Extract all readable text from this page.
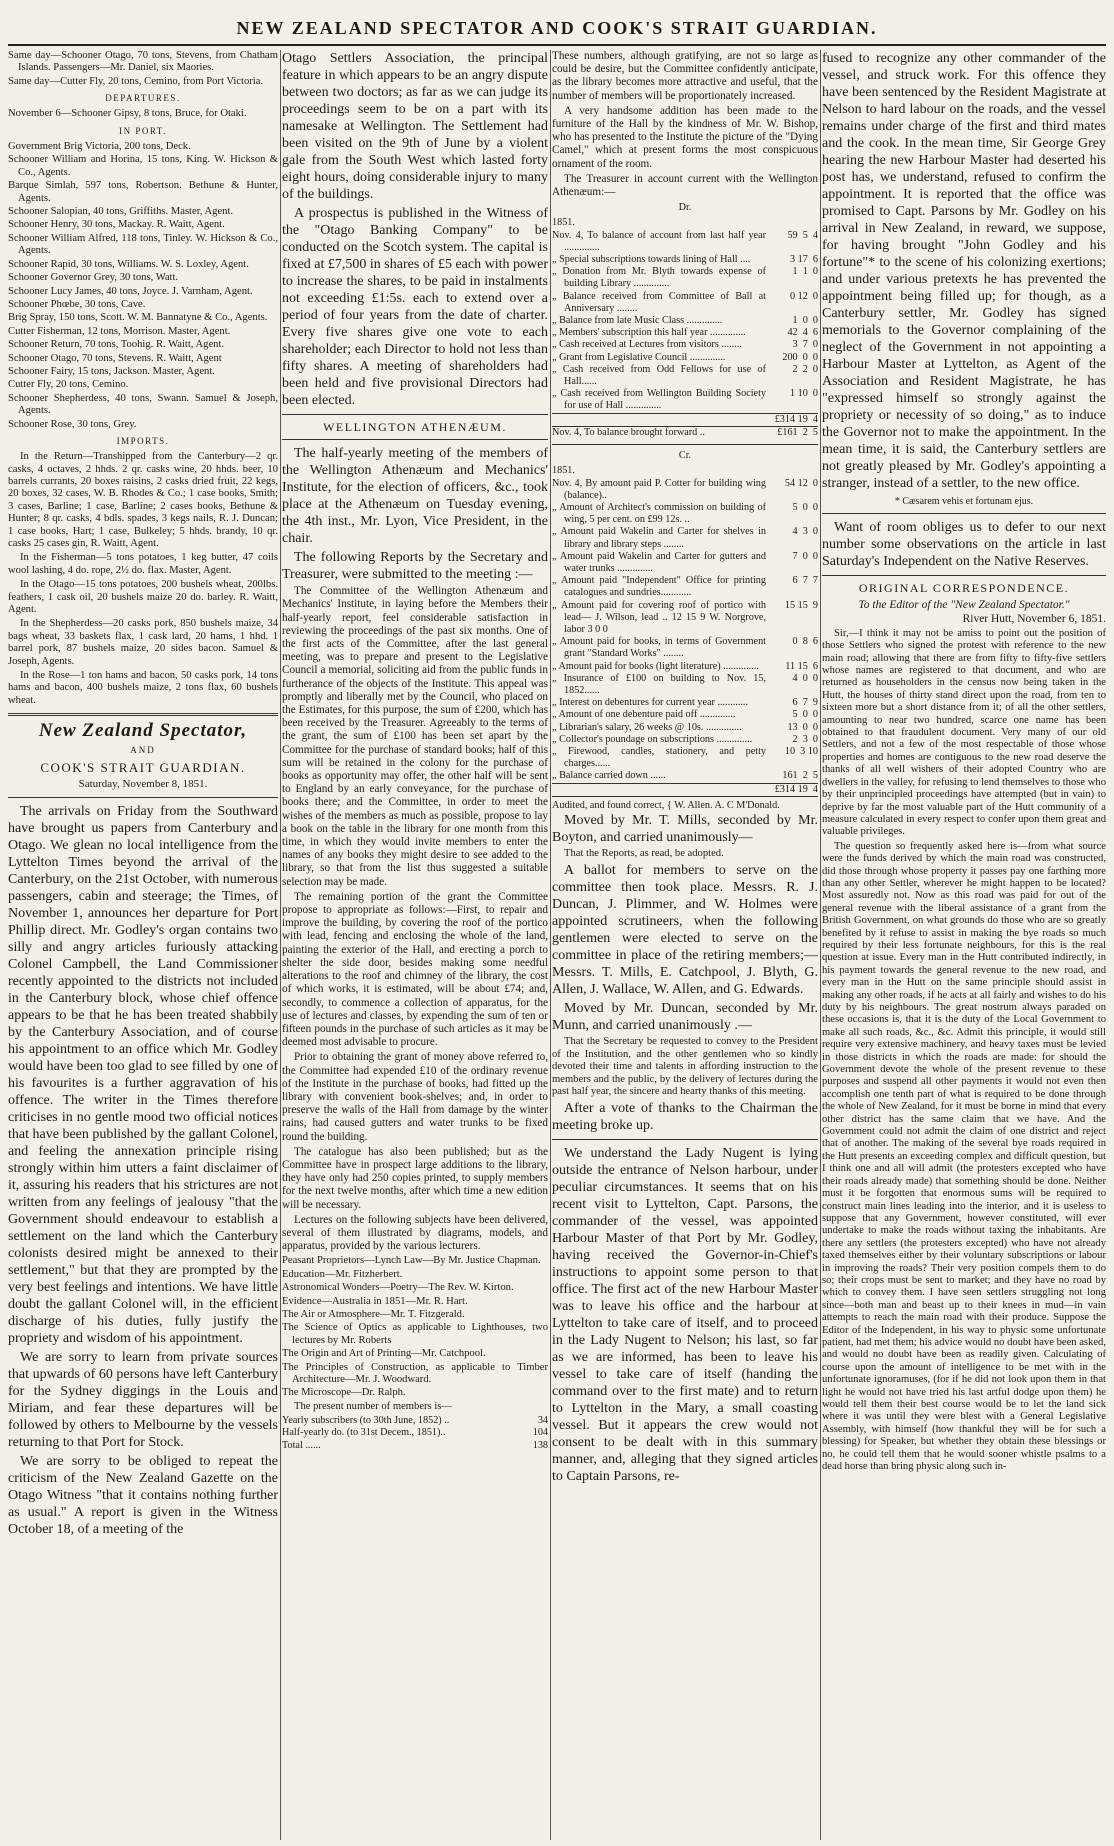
NEW ZEALAND SPECTATOR AND COOK'S STRAIT GUARDIAN.

Same day—Schooner Otago, 70 tons, Stevens, from Chatham Islands. Passengers—Mr. Daniel, six Maories.

Same day—Cutter Fly, 20 tons, Cemino, from Port Victoria.

DEPARTURES.

November 6—Schooner Gipsy, 8 tons, Bruce, for Otaki.

IN PORT.

Government Brig Victoria, 200 tons, Deck.

Schooner William and Horina, 15 tons, King. W. Hickson & Co., Agents.

Barque Simlah, 597 tons, Robertson. Bethune & Hunter, Agents.

Schooner Salopian, 40 tons, Griffiths. Master, Agent.

Schooner Henry, 30 tons, Mackay. R. Waitt, Agent.

Schooner William Alfred, 118 tons, Tinley. W. Hickson & Co., Agents.

Schooner Rapid, 30 tons, Williams. W. S. Loxley, Agent.

Schooner Governor Grey, 30 tons, Watt.

Schooner Lucy James, 40 tons, Joyce. J. Varnham, Agent.

Schooner Phœbe, 30 tons, Cave.

Brig Spray, 150 tons, Scott. W. M. Bannatyne & Co., Agents.

Cutter Fisherman, 12 tons, Morrison. Master, Agent.

Schooner Return, 70 tons, Toohig. R. Waitt, Agent.

Schooner Otago, 70 tons, Stevens. R. Waitt, Agent

Schooner Fairy, 15 tons, Jackson. Master, Agent.

Cutter Fly, 20 tons, Cemino.

Schooner Shepherdess, 40 tons, Swann. Samuel & Joseph, Agents.

Schooner Rose, 30 tons, Grey.

IMPORTS.

In the Return—Transhipped from the Canterbury—2 qr. casks, 4 octaves, 2 hhds. 2 qr. casks wine, 20 hhds. beer, 10 barrels currants, 20 boxes raisins, 2 casks dried fruit, 22 kegs, 20 boxes, 32 cases, W. B. Rhodes & Co.; 1 case books, Smith; 3 cases, Barline; 1 case, Barline; 2 cases books, Bethune & Hunter; 8 qr. casks, 4 bdls. spades, 3 kegs nails, R. J. Duncan; 1 case books, Hart; 1 case, Bulkeley; 5 hhds. brandy, 10 qr. casks 25 cases gin, R. Waitt, Agent.

In the Fisherman—5 tons potatoes, 1 keg butter, 47 coils wool lashing, 4 do. rope, 2½ do. flax. Master, Agent.

In the Otago—15 tons potatoes, 200 bushels wheat, 200lbs. feathers, 1 cask oil, 20 bushels maize 20 do. barley. R. Waitt, Agent.

In the Shepherdess—20 casks pork, 850 bushels maize, 34 bags wheat, 33 baskets flax, 1 cask lard, 20 hams, 1 hhd. 1 barrel pork, 87 bushels maize, 20 sides bacon. Samuel & Joseph, Agents.

In the Rose—1 ton hams and bacon, 50 casks pork, 14 tons hams and bacon, 400 bushels maize, 2 tons flax, 60 bushels wheat.

New Zealand Spectator,
AND
COOK'S STRAIT GUARDIAN.
Saturday, November 8, 1851.

The arrivals on Friday from the Southward have brought us papers from Canterbury and Otago. We glean no local intelligence from the Lyttelton Times beyond the arrival of the Canterbury, on the 21st October, with numerous passengers, cabin and steerage; the Times, of November 1, announces her departure for Port Phillip direct. Mr. Godley's organ contains two silly and angry articles furiously attacking Colonel Campbell, the Land Commissioner recently appointed to the districts not included in the Canterbury block, whose chief offence appears to be that he has been treated shabbily by the Canterbury Association, and of course his appointment to an office which Mr. Godley would have been too glad to see filled by one of his favourites is a further aggravation of his offence. The writer in the Times therefore criticises in no gentle mood two official notices that have been published by the gallant Colonel, and feeling the annexation principle rising strongly within him utters a faint disclaimer of it, assuring his readers that his strictures are not written from any feelings of jealousy "that the Government should endeavour to establish a settlement on the land which the Canterbury colonists desired might be annexed to their settlement," but that they are prompted by the very best feelings and intentions. We have little doubt the gallant Colonel will, in the efficient discharge of his duties, fully justify the propriety and wisdom of his appointment.

We are sorry to learn from private sources that upwards of 60 persons have left Canterbury for the Sydney diggings in the Louis and Miriam, and fear these departures will be followed by others to Melbourne by the vessels returning to that Port for Stock.

We are sorry to be obliged to repeat the criticism of the New Zealand Gazette on the Otago Witness "that it contains nothing further as usual." A report is given in the Witness October 18, of a meeting of the

Otago Settlers Association, the principal feature in which appears to be an angry dispute between two doctors; as far as we can judge its proceedings seem to be on a part with its namesake at Wellington. The Settlement had been visited on the 9th of June by a violent gale from the South West which lasted forty eight hours, doing considerable injury to many of the buildings.

A prospectus is published in the Witness of the "Otago Banking Company" to be conducted on the Scotch system. The capital is fixed at £7,500 in shares of £5 each with power to increase the shares, to be paid in instalments not exceeding £1:5s. each to extend over a period of four years from the date of charter. Every five shares give one vote to each shareholder; each Director to hold not less than fifty shares. A meeting of shareholders had been held and five provisional Directors had been elected.

WELLINGTON ATHENÆUM.

The half-yearly meeting of the members of the Wellington Athenæum and Mechanics' Institute, for the election of officers, &c., took place at the Athenæum on Tuesday evening, the 4th inst., Mr. Lyon, Vice President, in the chair.

The following Reports by the Secretary and Treasurer, were submitted to the meeting :—

The Committee of the Wellington Athenæum and Mechanics' Institute, in laying before the Members their half-yearly report, feel considerable satisfaction in reviewing the proceedings of the past six months. One of the first acts of the Committee, after the last general meeting, was to prepare and present to the Legislative Council a memorial, soliciting aid from the public funds in furtherance of the objects of the Institute. This appeal was promptly and liberally met by the Council, who placed on the Estimates, for this purpose, the sum of £200, which has been received by the Treasurer. Agreeably to the terms of the grant, the sum of £100 has been set apart by the Committee for the purchase of standard books; half of this sum will be retained in the colony for the purchase of books as opportunity may offer, the other half will be sent to England by an early conveyance, for the purchase of books there; and the Committee, in order to meet the wishes of the members as much as possible, propose to lay a book on the table in the library for one month from this time, in which they would invite members to enter the names of any books they might desire to see added to the library, so that from the list thus suggested a suitable selection may be made.

The remaining portion of the grant the Committee propose to appropriate as follows:—First, to repair and improve the building, by covering the roof of the portico with lead, fencing and enclosing the whole of the land, painting the exterior of the Hall, and erecting a porch to shelter the side door, besides making some needful alterations to the roof and chimney of the library, the cost of which works, it is estimated, will be about £74; and, secondly, to commence a collection of apparatus, for the use of lectures and classes, by expending the sum of ten or fifteen pounds in the purchase of such articles as it may be deemed most advisable to procure.

Prior to obtaining the grant of money above referred to, the Committee had expended £10 of the ordinary revenue of the Institute in the purchase of books, had fitted up the library with convenient book-shelves; and, in order to preserve the walls of the Hall from damage by the winter rains, had caused gutters and water trunks to be fixed round the building.

The catalogue has also been published; but as the Committee have in prospect large additions to the library, they have only had 250 copies printed, to supply members for the next twelve months, after which time a new edition will be necessary.

Lectures on the following subjects have been delivered, several of them illustrated by diagrams, models, and apparatus, provided by the various lecturers.

Peasant Proprietors—Lynch Law—By Mr. Justice Chapman.

Education—Mr. Fitzherbert.

Astronomical Wonders—Poetry—The Rev. W. Kirton.

Evidence—Australia in 1851—Mr. R. Hart.

The Air or Atmosphere—Mr. T. Fitzgerald.

The Science of Optics as applicable to Lighthouses, two lectures by Mr. Roberts

The Origin and Art of Printing—Mr. Catchpool.

The Principles of Construction, as applicable to Timber Architecture—Mr. J. Woodward.

The Microscope—Dr. Ralph.

The present number of members is—

Yearly subscribers (to 30th June, 1852) ..	34
Half-yearly do. (to 31st Decem., 1851)..	104
Total ......	138

These numbers, although gratifying, are not so large as could be desire, but the Committee confidently anticipate, as the library becomes more attractive and useful, that the number of members will be proportionately increased.

A very handsome addition has been made to the furniture of the Hall by the kindness of Mr. W. Bishop, who has presented to the Institute the picture of the "Dying Camel," which at present forms the most conspicuous ornament of the room.

The Treasurer in account current with the Wellington Athenæum:—

Dr.
1851.
Nov. 4, To balance of account from last half year ..............
59  5  4
„ Special subscriptions towards lining of Hall ....	3 17  6
„ Donation from Mr. Blyth towards expense of building Library ..............
1  1  0
„ Balance received from Committee of Ball at Anniversary ........
0 12  0
„ Balance from late Music Class ..............	1  0  0
„ Members' subscription this half year ..............	42  4  6
„ Cash received at Lectures from visitors ........	3  7  0
„ Grant from Legislative Council ..............	200  0  0
„ Cash received from Odd Fellows for use of Hall......
2  2  0
„ Cash received from Wellington Building Society for use of Hall ..............
1 10  0
£314 19  4
Nov. 4, To balance brought forward ..	£161  2  5
Cr.
1851.
Nov. 4, By amount paid P. Cotter for building wing (balance)..
54 12  0
„ Amount of Architect's commission on building of wing, 5 per cent. on £99 12s. ..
5  0  0
„ Amount paid Wakelin and Carter for shelves in library and library steps ........
4  3  0
„ Amount paid Wakelin and Carter for gutters and water trunks ..............
7  0  0
„ Amount paid "Independent" Office for printing catalogues and sundries............
6  7  7
„ Amount paid for covering roof of portico with lead— J. Wilson, lead .. 12 15 9 W. Norgrove, labor 3 0 0
15 15  9
„ Amount paid for books, in terms of Government grant "Standard Works" ........
0  8  6
„ Amount paid for books (light literature) ..............	11 15  6
„ Insurance of £100 on building to Nov. 15, 1852......
4  0  0
„ Interest on debentures for current year ............	6  7  9
„ Amount of one debenture paid off ..............	5  0  0
„ Librarian's salary, 26 weeks @ 10s. ..............	13  0  0
„ Collector's poundage on subscriptions ..............	2  3  0
„ Firewood, candles, stationery, and petty charges......
10  3 10
„ Balance carried down ......	161  2  5
£314 19  4
Audited, and found correct, { W. Allen. A. C M'Donald.

Moved by Mr. T. Mills, seconded by Mr. Boyton, and carried unanimously—

That the Reports, as read, be adopted.

A ballot for members to serve on the committee then took place. Messrs. R. J. Duncan, J. Plimmer, and W. Holmes were appointed scrutineers, when the following gentlemen were elected to serve on the committee in place of the retiring members;—Messrs. T. Mills, E. Catchpool, J. Blyth, G. Allen, J. Wallace, W. Allen, and G. Edwards.

Moved by Mr. Duncan, seconded by Mr. Munn, and carried unanimously .—

That the Secretary be requested to convey to the President of the Institution, and the other gentlemen who so kindly devoted their time and talents in affording instruction to the members and the public, by the delivery of lectures during the past half year, the sincere and hearty thanks of this meeting.

After a vote of thanks to the Chairman the meeting broke up.

We understand the Lady Nugent is lying outside the entrance of Nelson harbour, under peculiar circumstances. It seems that on his recent visit to Lyttelton, Capt. Parsons, the commander of the vessel, was appointed Harbour Master of that Port by Mr. Godley, having received the Governor-in-Chief's instructions to appoint some person to that office. The first act of the new Harbour Master was to leave his office and the harbour at Lyttelton to take care of itself, and to proceed in the Lady Nugent to Nelson; his last, so far as we are informed, has been to leave his vessel to take care of itself (handing the command over to the first mate) and to return to Lyttelton in the Mary, a small coasting vessel. But it appears the crew would not consent to be dealt with in this summary manner, and, alleging that they signed articles to Captain Parsons, re-

fused to recognize any other commander of the vessel, and struck work. For this offence they have been sentenced by the Resident Magistrate at Nelson to hard labour on the roads, and the vessel remains under charge of the first and third mates and the cook. In the mean time, Sir George Grey hearing the new Harbour Master had deserted his post has, we understand, refused to confirm the appointment. It is reported that the office was promised to Capt. Parsons by Mr. Godley on his arrival in New Zealand, in reward, we suppose, for having brought "John Godley and his fortune"* to the scene of his colonizing exertions; and under various pretexts he has prevented the appointment being filled up; for though, as a Canterbury settler, Mr. Godley has signed memorials to the Governor complaining of the neglect of the Government in not appointing a Harbour Master at Lyttelton, as Agent of the Association and Resident Magistrate, he has "expressed himself so strongly against the propriety or necessity of so doing," as to induce the Governor not to make the appointment. In the mean time, it is said, the Canterbury settlers are not greatly pleased by Mr. Godley's appointing a stranger, instead of a settler, to the new office.

* Cæsarem vehis et fortunam ejus.

Want of room obliges us to defer to our next number some observations on the article in last Saturday's Independent on the Native Reserves.

ORIGINAL CORRESPONDENCE.
To the Editor of the "New Zealand Spectator."
River Hutt, November 6, 1851.

Sir,—I think it may not be amiss to point out the position of those Settlers who signed the protest with reference to the new main road; allowing that there are from fifty to fifty-five settlers whose names are registered to that document, and who are returned as householders in the census now being taken in the Hutt, the houses of thirty stand direct upon the road, from ten to sixteen more but a short distance from it; of all the other settlers, amounting to near two hundred, scarce one name has been obtained to that fraudulent document. Very many of our old Settlers, and not a few of the most respectable of those whose properties and homes are contiguous to the new road deserve the thanks of all well wishers of their adopted Country who are dwellers in the valley, for refusing to lend themselves to those who by their unprincipled proceedings have attempted (but in vain) to deprive by far the most valuable part of the Hutt community of a measure calculated in every respect to confer upon them great and valuable privileges.

The question so frequently asked here is—from what source were the funds derived by which the main road was constructed, did those through whose property it passes pay one farthing more than any other Settler, wherever he might happen to be located? Most assuredly not. Now as this road was paid for out of the general revenue with the liberal assistance of a grant from the British Government, on what grounds do those who are so greatly benefited by it refuse to assist in making the bye roads so much required by their less fortunate neighbours, for this is the real question at issue. Every man in the Hutt contributed indirectly, in his payment towards the general revenue to the new road, and every man in the Hutt on the same principle should assist in making any other roads, if he acts at all fairly and wishes to do his duty by his neighbours. The great nostrum always paraded on these occasions is, that it is the duty of the Local Government to make all such roads, &c., &c. Admit this principle, it would still require very extensive machinery, and heavy taxes must be levied in those districts in which the roads are made: for should the Government devote the whole of the present revenue to these purposes and suspend all other payments it would not even then accomplish one tenth part of what is required to be done through the whole of New Zealand, for it must be borne in mind that every other district has the same claim that we have. And the Government could not admit the claim of one district and reject that of another. The making of the several bye roads required in the Hutt presents an exceeding complex and difficult question, but I think one and all will admit (the protesters excepted who have their roads already made) that something should be done. Neither must it be forgotten that enormous sums will be required to construct main lines leading into the interior, and it is useless to suppose that any Government, however constituted, will ever undertake to make the roads without taxing the inhabitants. Are there any settlers (the protesters excepted) who have not already taxed themselves either by their voluntary subscriptions or labour in improving the roads? Their very position compels them to do so; their crops must be sent to market; and they have no road by which to convey them. I have seen settlers struggling not long since—both man and beast up to their knees in mud—in vain attempts to reach the main road with their produce. Suppose the Editor of the Independent, in his way to physic some unfortunate patient, had met them; his advice would no doubt have been asked, and would no doubt have been as readily given. Calculating of course upon the amount of intelligence to be met with in the unfortunate ignoramuses, (for if he did not look upon them in that light he would not have tried his last artful dodge upon them) he would tell them their best course would be to let the land sick where it was until they were blest with a General Legislative Assembly, with himself (how thankful they will be for such a blessing) for Speaker, but whether they obtain these blessings or no, he could tell them that he would sooner whistle psalms to a dead horse than bring physic along such in-
